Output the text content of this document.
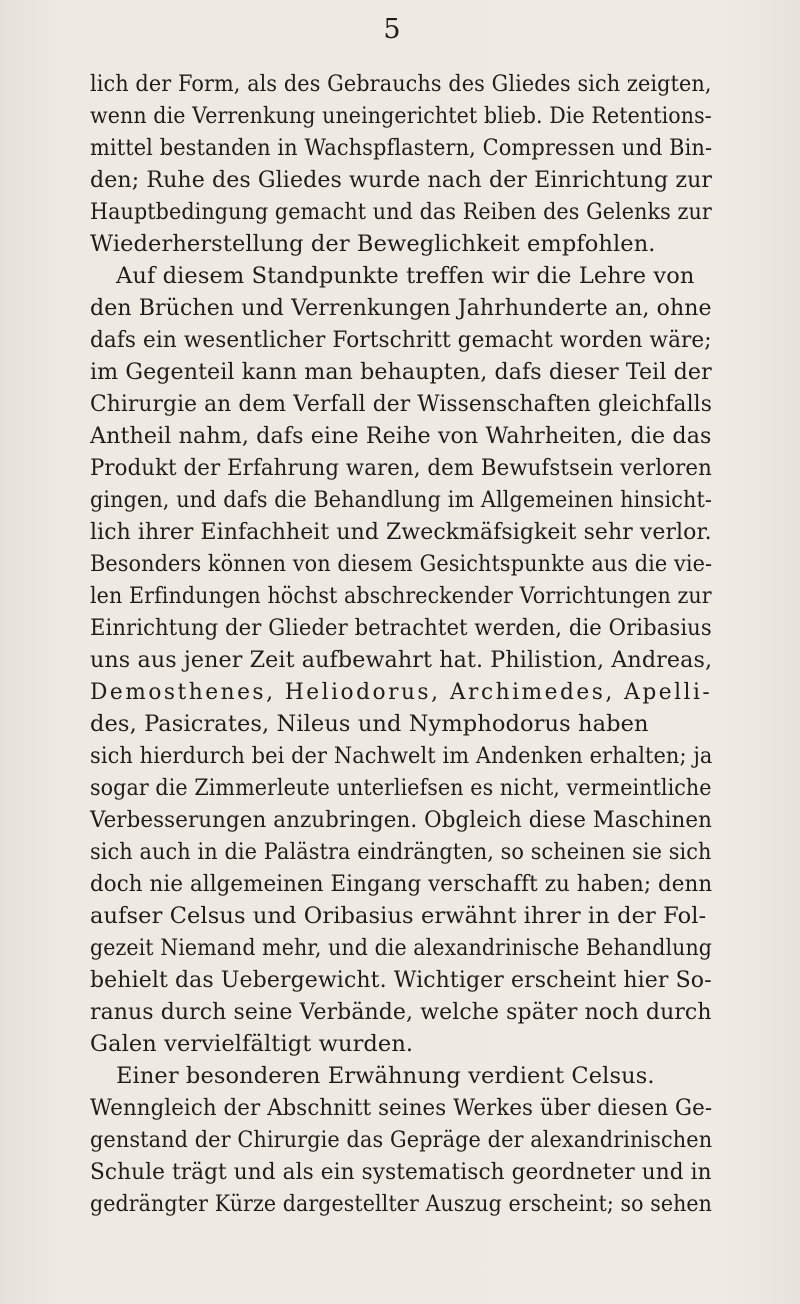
5
lich der Form, als des Gebrauchs des Gliedes sich zeigten,
wenn die Verrenkung uneingerichtet blieb. Die Retentions-
mittel bestanden in Wachspflastern, Compressen und Bin-
den; Ruhe des Gliedes wurde nach der Einrichtung zur
Hauptbedingung gemacht und das Reiben des Gelenks zur
Wiederherstellung der Beweglichkeit empfohlen.
Auf diesem Standpunkte treffen wir die Lehre von
den Brüchen und Verrenkungen Jahrhunderte an, ohne
dafs ein wesentlicher Fortschritt gemacht worden wäre;
im Gegenteil kann man behaupten, dafs dieser Teil der
Chirurgie an dem Verfall der Wissenschaften gleichfalls
Antheil nahm, dafs eine Reihe von Wahrheiten, die das
Produkt der Erfahrung waren, dem Bewufstsein verloren
gingen, und dafs die Behandlung im Allgemeinen hinsicht-
lich ihrer Einfachheit und Zweckmäfsigkeit sehr verlor.
Besonders können von diesem Gesichtspunkte aus die vie-
len Erfindungen höchst abschreckender Vorrichtungen zur
Einrichtung der Glieder betrachtet werden, die Oribasius
uns aus jener Zeit aufbewahrt hat. Philistion, Andreas,
Demosthenes, Heliodorus, Archimedes, Apelli-
des, Pasicrates, Nileus und Nymphodorus haben
sich hierdurch bei der Nachwelt im Andenken erhalten; ja
sogar die Zimmerleute unterliefsen es nicht, vermeintliche
Verbesserungen anzubringen. Obgleich diese Maschinen
sich auch in die Palästra eindrängten, so scheinen sie sich
doch nie allgemeinen Eingang verschafft zu haben; denn
aufser Celsus und Oribasius erwähnt ihrer in der Fol-
gezeit Niemand mehr, und die alexandrinische Behandlung
behielt das Uebergewicht. Wichtiger erscheint hier So-
ranus durch seine Verbände, welche später noch durch
Galen vervielfältigt wurden.
Einer besonderen Erwähnung verdient Celsus.
Wenngleich der Abschnitt seines Werkes über diesen Ge-
genstand der Chirurgie das Gepräge der alexandrinischen
Schule trägt und als ein systematisch geordneter und in
gedrängter Kürze dargestellter Auszug erscheint; so sehen
